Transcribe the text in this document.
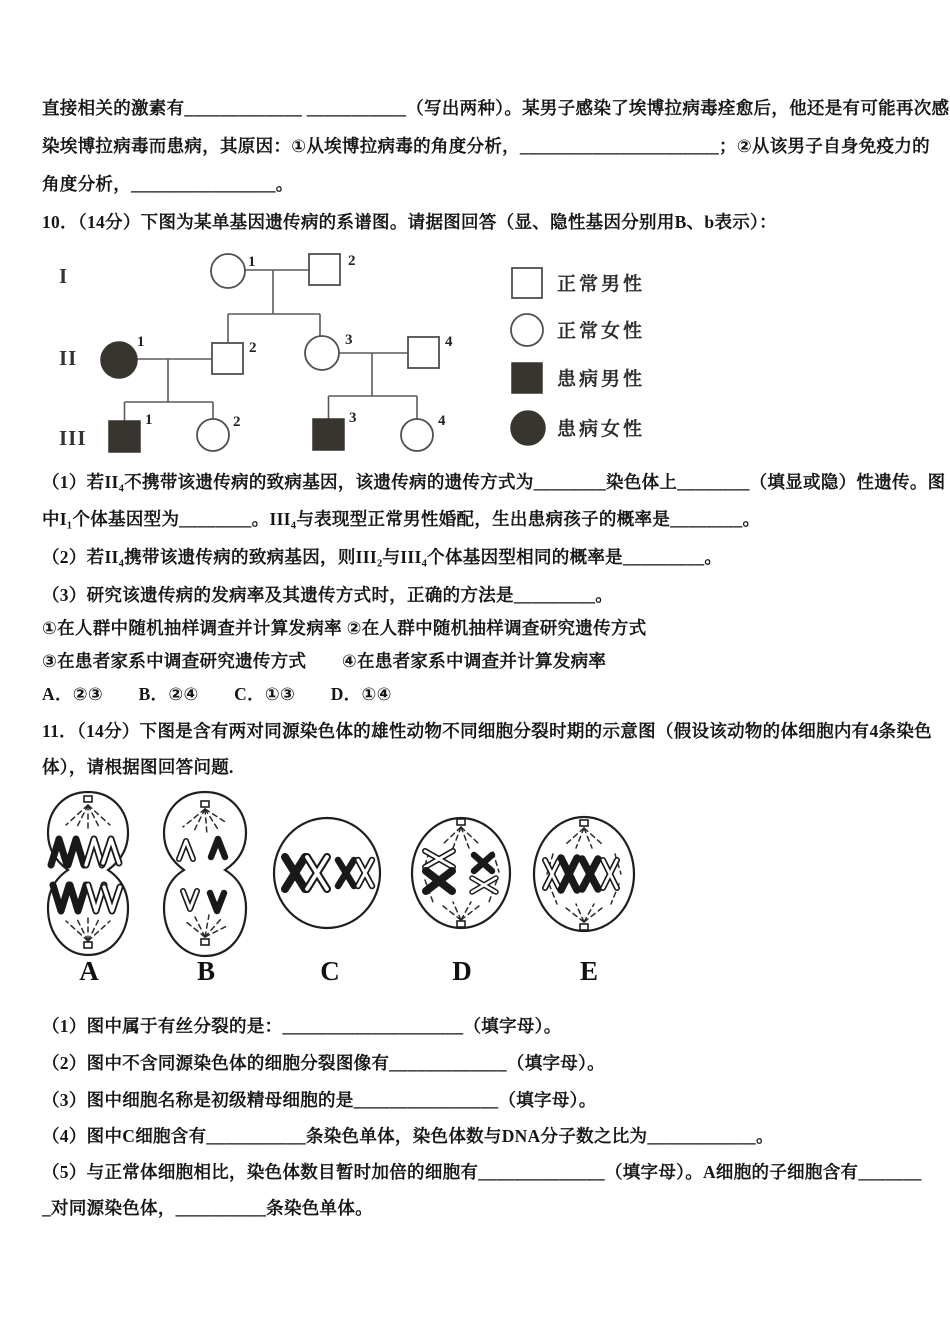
直接相关的激素有_____________ ___________（写出两种）。某男子感染了埃博拉病毒痊愈后，他还是有可能再次感

染埃博拉病毒而患病，其原因：①从埃博拉病毒的角度分析，______________________；②从该男子自身免疫力的

角度分析，________________。

10．（14分）下图为某单基因遗传病的系谱图。请据图回答（显、隐性基因分别用B、b表示）：

I
II
III
1	2
1	2	3	4
1	2	3	4
正常男性
正常女性
患病男性
患病女性

（1）若II₄不携带该遗传病的致病基因，该遗传病的遗传方式为________染色体上________（填显或隐）性遗传。图

中I₁个体基因型为________。III₄与表现型正常男性婚配，生出患病孩子的概率是________。

（2）若II₄携带该遗传病的致病基因，则III₂与III₄个体基因型相同的概率是_________。

（3）研究该遗传病的发病率及其遗传方式时，正确的方法是_________。

①在人群中随机抽样调查并计算发病率 ②在人群中随机抽样调查研究遗传方式

③在患者家系中调查研究遗传方式　　④在患者家系中调查并计算发病率

A．②③　　B．②④　　C．①③　　D．①④

11．（14分）下图是含有两对同源染色体的雄性动物不同细胞分裂时期的示意图（假设该动物的体细胞内有4条染色

体），请根据图回答问题.

A	B	C	D	E

（1）图中属于有丝分裂的是：____________________（填字母）。

（2）图中不含同源染色体的细胞分裂图像有_____________（填字母）。

（3）图中细胞名称是初级精母细胞的是________________（填字母）。

（4）图中C细胞含有___________条染色单体，染色体数与DNA分子数之比为____________。

（5）与正常体细胞相比，染色体数目暂时加倍的细胞有______________（填字母）。A细胞的子细胞含有_______

_对同源染色体，__________条染色单体。
